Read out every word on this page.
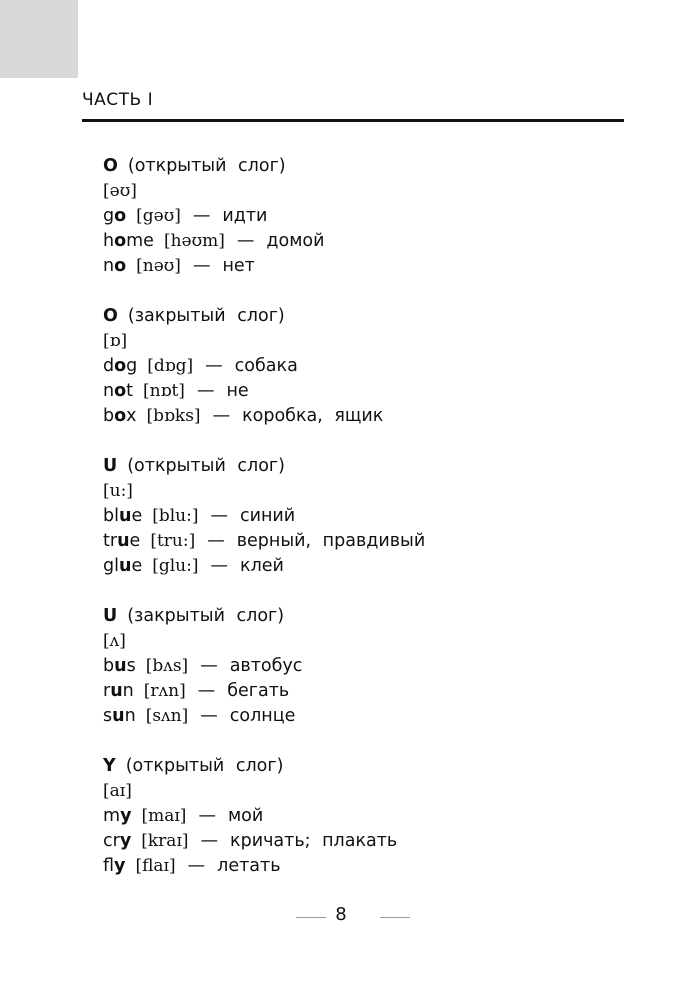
ЧАСТЬ I
O (открытый слог)
[əʊ]
go [gəʊ] — идти
home [həʊm] — домой
no [nəʊ] — нет
O (закрытый слог)
[ɒ]
dog [dɒg] — собака
not [nɒt] — не
box [bɒks] — коробка, ящик
U (открытый слог)
[u:]
blue [blu:] — синий
true [tru:] — верный, правдивый
glue [glu:] — клей
U (закрытый слог)
[ʌ]
bus [bʌs] — автобус
run [rʌn] — бегать
sun [sʌn] — солнце
Y (открытый слог)
[aɪ]
my [maɪ] — мой
cry [kraɪ] — кричать; плакать
fly [flaɪ] — летать
8
